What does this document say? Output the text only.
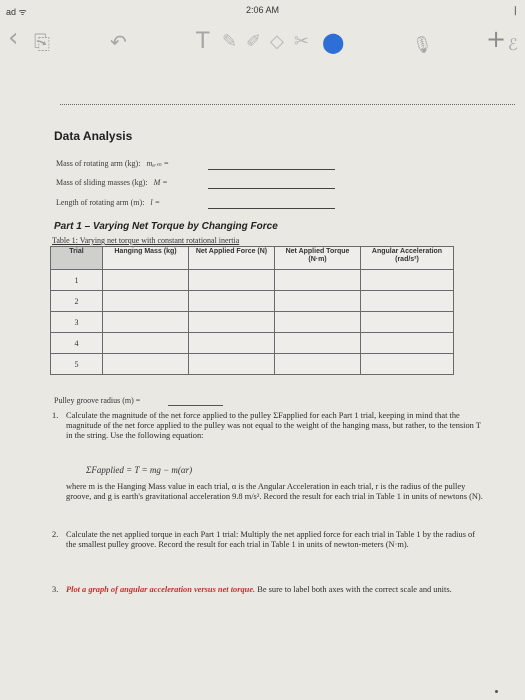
ad ᯤ	2:06 AM	❘
‹ ⎘	↶	T ✎ ✐ ◇ ✂ ⬤	🎙 + ℰ
Data Analysis
Mass of rotating arm (kg): mₐᵣₘ =
Mass of sliding masses (kg): M =
Length of rotating arm (m): l =
Part 1 – Varying Net Torque by Changing Force
Table 1: Varying net torque with constant rotational inertia
Trial	Hanging Mass (kg)	Net Applied Force (N)	Net Applied Torque (N·m)	Angular Acceleration (rad/s²)
1				
2				
3				
4				
5				
Pulley groove radius (m) =
1. Calculate the magnitude of the net force applied to the pulley ΣFapplied for each Part 1 trial, keeping in mind that the magnitude of the net force applied to the pulley was not equal to the weight of the hanging mass, but rather, to the tension T in the string. Use the following equation:
ΣFapplied = T = mg − m(αr)
where m is the Hanging Mass value in each trial, α is the Angular Acceleration in each trial, r is the radius of the pulley groove, and g is earth's gravitational acceleration 9.8 m/s². Record the result for each trial in Table 1 in units of newtons (N).
2. Calculate the net applied torque in each Part 1 trial: Multiply the net applied force for each trial in Table 1 by the radius of the smallest pulley groove. Record the result for each trial in Table 1 in units of newton-meters (N·m).
3. Plot a graph of angular acceleration versus net torque. Be sure to label both axes with the correct scale and units.
